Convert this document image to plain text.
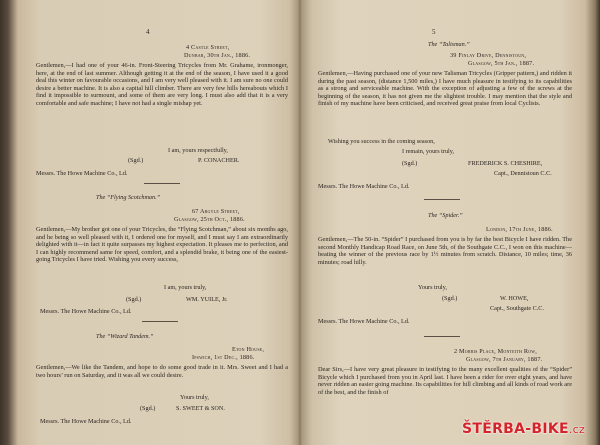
4
4 Castle Street,
Dunbar, 30th Jan., 1886.
Gentlemen,—I had one of your 46-in. Front-Steering Tricycles from Mr. Grahame, ironmonger, here, at the end of last summer. Although getting it at the end of the season, I have used it a good deal this winter on favourable occasions, and I am very well pleased with it. I am sure no one could desire a better machine. It is also a capital hill climber. There are very few hills hereabouts which I find it impossible to surmount, and some of them are very long. I must also add that it is a very comfortable and safe machine; I have not had a single mishap yet.
I am, yours respectfully,
(Sgd.)	P. CONACHER.
Messrs. The Howe Machine Co., Ld.
The “Flying Scotchman.”
67 Argyle Street,
Glasgow, 25th Oct., 1886.
Gentlemen,—My brother got one of your Tricycles, the “Flying Scotchman,” about six months ago, and he being so well pleased with it, I ordered one for myself, and I must say I am extraordinarily delighted with it—in fact it quite surpasses my highest expectation. It pleases me to perfection, and I can highly recommend same for speed, comfort, and a splendid brake, it being one of the easiest-going Tricycles I have tried. Wishing you every success,
I am, yours truly,
(Sgd.)	WM. YUILE, Jr.
Messrs. The Howe Machine Co., Ld.
The “Wizard Tandem.”
Eton House,
Ipswich, 1st Dec., 1886.
Gentlemen,—We like the Tandem, and hope to do some good trade in it. Mrs. Sweet and I had a two hours’ run on Saturday, and it was all we could desire.
Yours truly,
(Sgd.)	S. SWEET & SON.
Messrs. The Howe Machine Co., Ld.
5
The “Talisman.”
39 Finlay Drive, Dennistoun,
Glasgow, 5th Jan., 1887.
Gentlemen,—Having purchased one of your new Talisman Tricycles (Gripper pattern,) and ridden it during the past season, (distance 1,500 miles,) I have much pleasure in testifying to its capabilities as a strong and serviceable machine. With the exception of adjusting a few of the screws at the beginning of the season, it has not given me the slightest trouble. I may mention that the style and finish of my machine have been criticised, and received great praise from local Cyclists.
Wishing you success in the coming season,
I remain, yours truly,
(Sgd.)	FREDERICK S. CHESHIRE,
Capt., Dennistoun C.C.
Messrs. The Howe Machine Co., Ld.
The “Spider.”
London, 17th June, 1886.
Gentlemen,—The 50-in. “Spider” I purchased from you is by far the best Bicycle I have ridden. The second Monthly Handicap Road Race, on June 5th, of the Southgate C.C., I won on this machine—beating the winner of the previous race by 1½ minutes from scratch. Distance, 10 miles; time, 36 minutes; road hilly.
Yours truly,
(Sgd.)	W. HOWE,
Capt., Southgate C.C.
Messrs. The Howe Machine Co., Ld.
2 Morris Place, Monteith Row,
Glasgow, 7th January, 1887.
Dear Sirs,—I have very great pleasure in testifying to the many excellent qualities of the “Spider” Bicycle which I purchased from you in April last. I have been a rider for over eight years, and have never ridden an easier going machine. Its capabilities for hill climbing and all kinds of road work are of the best, and the finish of
ŠTĚRBA-BIKE.cz
